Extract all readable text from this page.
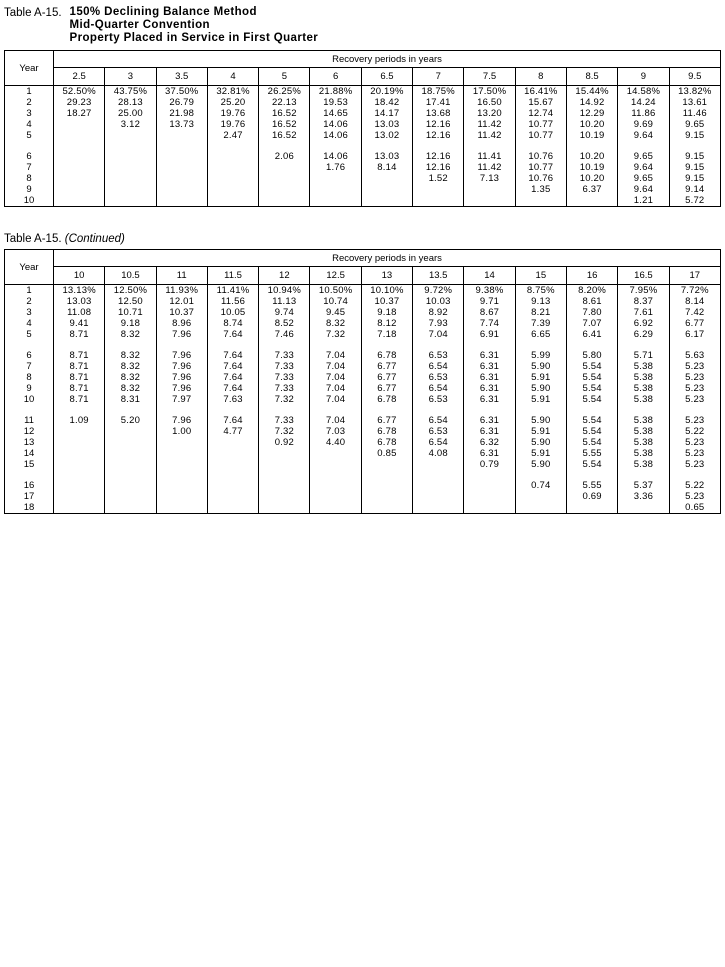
Table A-15. 150% Declining Balance Method
Mid-Quarter Convention
Property Placed in Service in First Quarter
Year	Recovery periods in years												
	2.5	3	3.5	4	5	6	6.5	7	7.5	8	8.5	9	9.5
1	52.50%	43.75%	37.50%	32.81%	26.25%	21.88%	20.19%	18.75%	17.50%	16.41%	15.44%	14.58%	13.82%
2	29.23	28.13	26.79	25.20	22.13	19.53	18.42	17.41	16.50	15.67	14.92	14.24	13.61
3	18.27	25.00	21.98	19.76	16.52	14.65	14.17	13.68	13.20	12.74	12.29	11.86	11.46
4		3.12	13.73	19.76	16.52	14.06	13.03	12.16	11.42	10.77	10.20	9.69	9.65
5				2.47	16.52	14.06	13.02	12.16	11.42	10.77	10.19	9.64	9.15

6					2.06	14.06	13.03	12.16	11.41	10.76	10.20	9.65	9.15
7						1.76	8.14	12.16	11.42	10.77	10.19	9.64	9.15
8								1.52	7.13	10.76	10.20	9.65	9.15
9										1.35	6.37	9.64	9.14
10												1.21	5.72
Table A-15. (Continued)
Year	Recovery periods in years												
	10	10.5	11	11.5	12	12.5	13	13.5	14	15	16	16.5	17
1	13.13%	12.50%	11.93%	11.41%	10.94%	10.50%	10.10%	9.72%	9.38%	8.75%	8.20%	7.95%	7.72%
2	13.03	12.50	12.01	11.56	11.13	10.74	10.37	10.03	9.71	9.13	8.61	8.37	8.14
3	11.08	10.71	10.37	10.05	9.74	9.45	9.18	8.92	8.67	8.21	7.80	7.61	7.42
4	9.41	9.18	8.96	8.74	8.52	8.32	8.12	7.93	7.74	7.39	7.07	6.92	6.77
5	8.71	8.32	7.96	7.64	7.46	7.32	7.18	7.04	6.91	6.65	6.41	6.29	6.17

6	8.71	8.32	7.96	7.64	7.33	7.04	6.78	6.53	6.31	5.99	5.80	5.71	5.63
7	8.71	8.32	7.96	7.64	7.33	7.04	6.77	6.54	6.31	5.90	5.54	5.38	5.23
8	8.71	8.32	7.96	7.64	7.33	7.04	6.77	6.53	6.31	5.91	5.54	5.38	5.23
9	8.71	8.32	7.96	7.64	7.33	7.04	6.77	6.54	6.31	5.90	5.54	5.38	5.23
10	8.71	8.31	7.97	7.63	7.32	7.04	6.78	6.53	6.31	5.91	5.54	5.38	5.23

11	1.09	5.20	7.96	7.64	7.33	7.04	6.77	6.54	6.31	5.90	5.54	5.38	5.23
12			1.00	4.77	7.32	7.03	6.78	6.53	6.31	5.91	5.54	5.38	5.22
13					0.92	4.40	6.78	6.54	6.32	5.90	5.54	5.38	5.23
14							0.85	4.08	6.31	5.91	5.55	5.38	5.23
15									0.79	5.90	5.54	5.38	5.23

16										0.74	5.55	5.37	5.22
17											0.69	3.36	5.23
18													0.65
